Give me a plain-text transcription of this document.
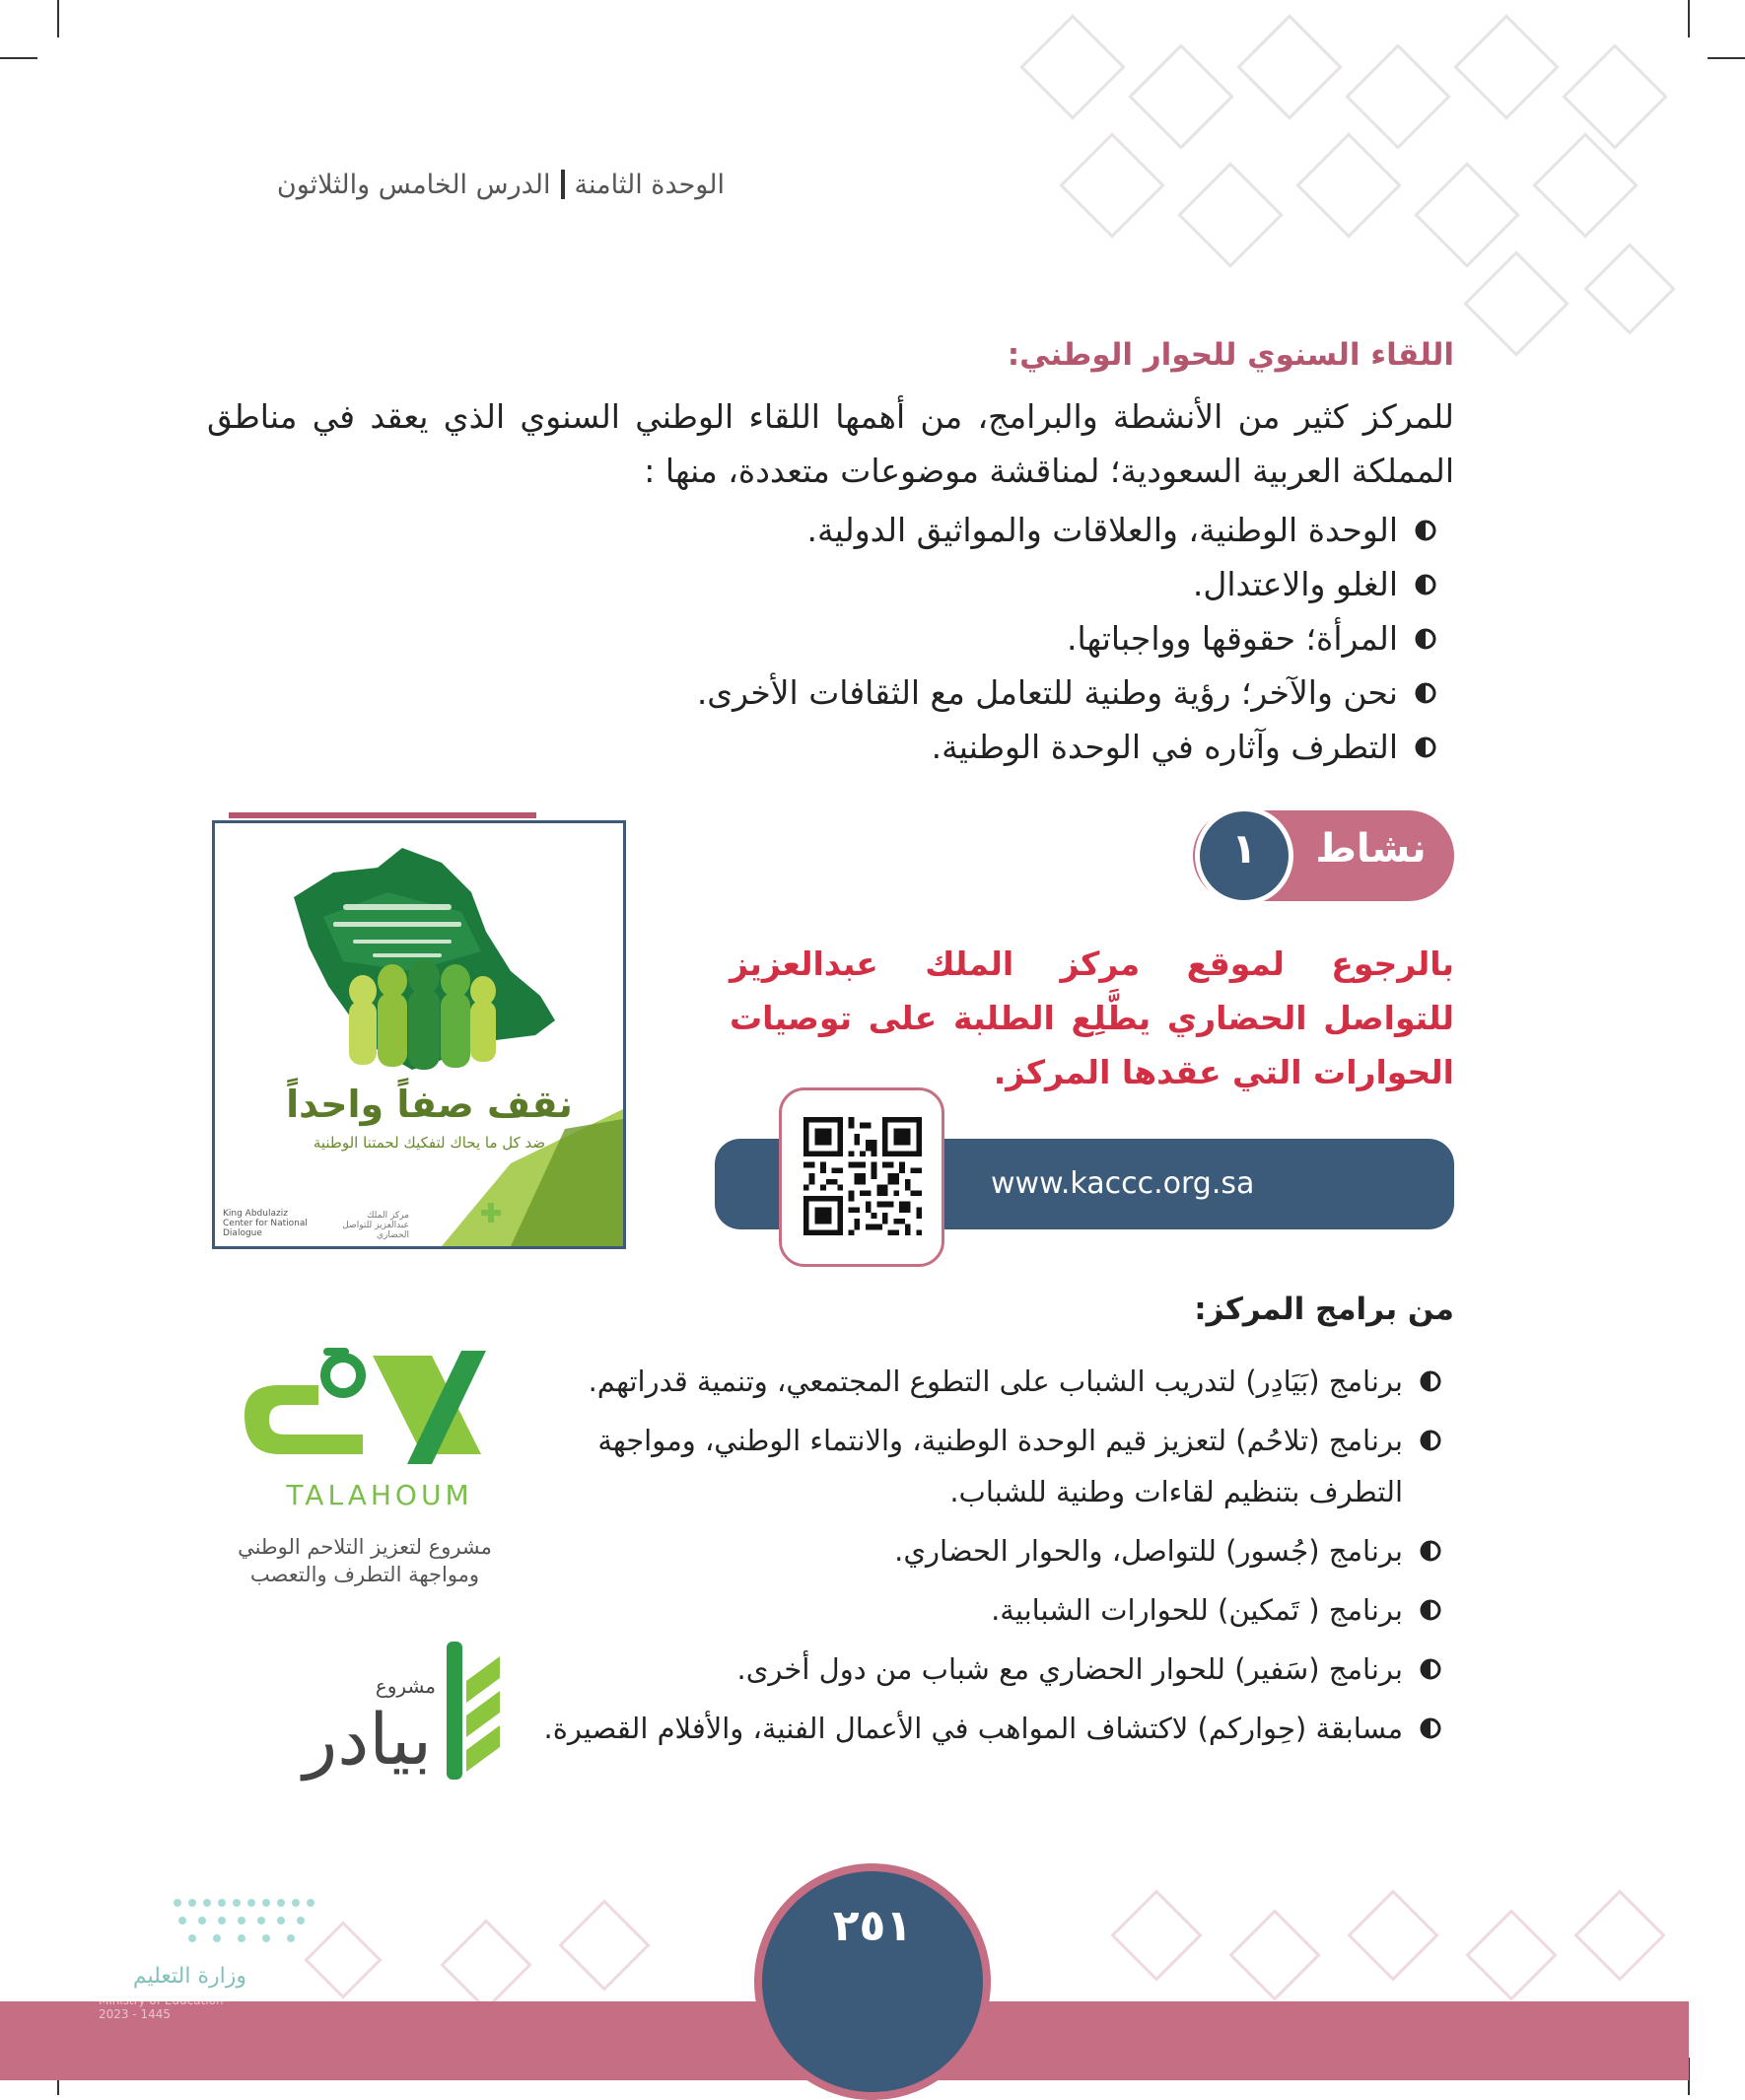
الوحدة الثامنةالدرس الخامس والثلاثون
اللقاء السنوي للحوار الوطني:
للمركز كثير من الأنشطة والبرامج، من أهمها اللقاء الوطني السنوي الذي يعقد في مناطق المملكة العربية السعودية؛ لمناقشة موضوعات متعددة، منها :
الوحدة الوطنية، والعلاقات والمواثيق الدولية.
الغلو والاعتدال.
المرأة؛ حقوقها وواجباتها.
نحن والآخر؛ رؤية وطنية للتعامل مع الثقافات الأخرى.
التطرف وآثاره في الوحدة الوطنية.
نشاط
١
بالرجوع لموقع مركز الملك عبدالعزيز للتواصل الحضاري يطَّلِع الطلبة على توصيات الحوارات التي عقدها المركز.
www.kaccc.org.sa
نقف صفاً واحداً
ضد كل ما يحاك لتفكيك لحمتنا الوطنية
King Abdulaziz Center for National Dialogue
مركز الملك عبدالعزيز للتواصل الحضاري
من برامج المركز:
برنامج (بَيَادِر) لتدريب الشباب على التطوع المجتمعي، وتنمية قدراتهم.
برنامج (تلاحُم) لتعزيز قيم الوحدة الوطنية، والانتماء الوطني، ومواجهة التطرف بتنظيم لقاءات وطنية للشباب.
برنامج (جُسور) للتواصل، والحوار الحضاري.
برنامج ( تَمكين) للحوارات الشبابية.
برنامج (سَفير) للحوار الحضاري مع شباب من دول أخرى.
مسابقة (حِواركم) لاكتشاف المواهب في الأعمال الفنية، والأفلام القصيرة.
TALAHOUM
مشروع لتعزيز التلاحم الوطني
ومواجهة التطرف والتعصب
مشروع
بيادر
٢٥١
وزارة التعليم
Ministry of Education
2023 - 1445
